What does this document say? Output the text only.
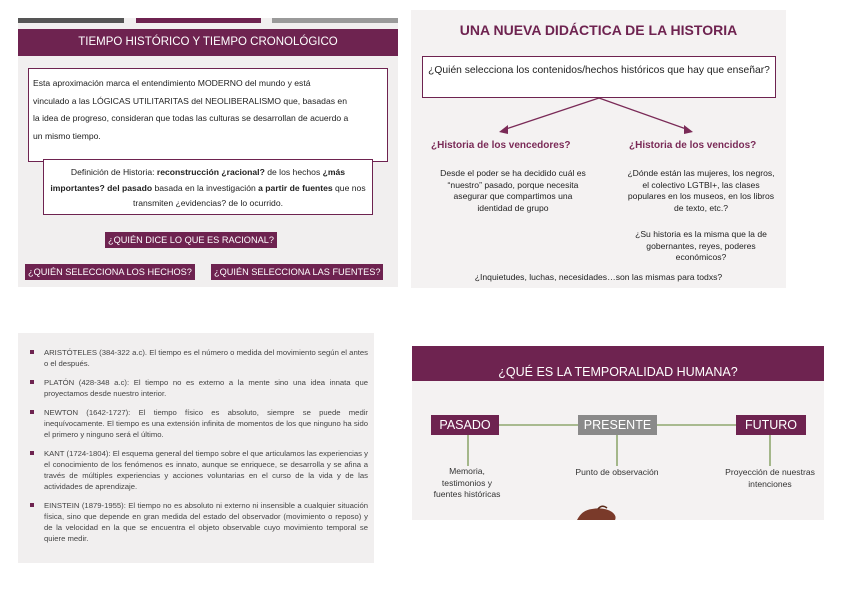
TIEMPO HISTÓRICO Y TIEMPO CRONOLÓGICO
Esta aproximación marca el entendimiento MODERNO del mundo y está
vinculado a las LÓGICAS UTILITARITAS del NEOLIBERALISMO que, basadas en
la idea de progreso, consideran que todas las culturas se desarrollan de acuerdo a
un mismo tiempo.
Definición de Historia: reconstrucción ¿racional? de los hechos ¿más importantes? del pasado basada en la investigación a partir de fuentes que nos transmiten ¿evidencias? de lo ocurrido.
¿QUIÉN DICE LO QUE ES RACIONAL?
¿QUIÉN SELECCIONA LOS HECHOS?	¿QUIÉN SELECCIONA LAS FUENTES?
UNA NUEVA DIDÁCTICA DE LA HISTORIA
¿Quién selecciona los contenidos/hechos históricos que hay que enseñar?
¿Historia de los vencedores?
Desde el poder se ha decidido cuál es “nuestro” pasado, porque necesita asegurar que compartimos una identidad de grupo
¿Historia de los vencidos?
¿Dónde están las mujeres, los negros, el colectivo LGTBI+, las clases populares en los museos, en los libros de texto, etc.?
¿Su historia es la misma que la de gobernantes, reyes, poderes económicos?
¿Inquietudes, luchas, necesidades…son las mismas para todxs?
ARISTÓTELES (384-322 a.c). El tiempo es el número o medida del movimiento según el antes o el después.
PLATÓN (428-348 a.c): El tiempo no es externo a la mente sino una idea innata que proyectamos desde nuestro interior.
NEWTON (1642-1727): El tiempo físico es absoluto, siempre se puede medir inequívocamente. El tiempo es una extensión infinita de momentos de los que ninguno ha sido el primero y ninguno será el último.
KANT (1724-1804): El esquema general del tiempo sobre el que articulamos las experiencias y el conocimiento de los fenómenos es innato, aunque se enriquece, se desarrolla y se afina a través de múltiples experiencias y acciones voluntarias en el curso de la vida y de las actividades de aprendizaje.
EINSTEIN (1879-1955): El tiempo no es absoluto ni externo ni insensible a cualquier situación física, sino que depende en gran medida del estado del observador (movimiento o reposo) y de la velocidad en la que se encuentra el objeto observable cuyo movimiento temporal se quiere medir.
¿QUÉ ES LA TEMPORALIDAD HUMANA?
PASADO	PRESENTE	FUTURO
Memoria, testimonios y fuentes históricas
Punto de observación	Proyección de nuestras intenciones
